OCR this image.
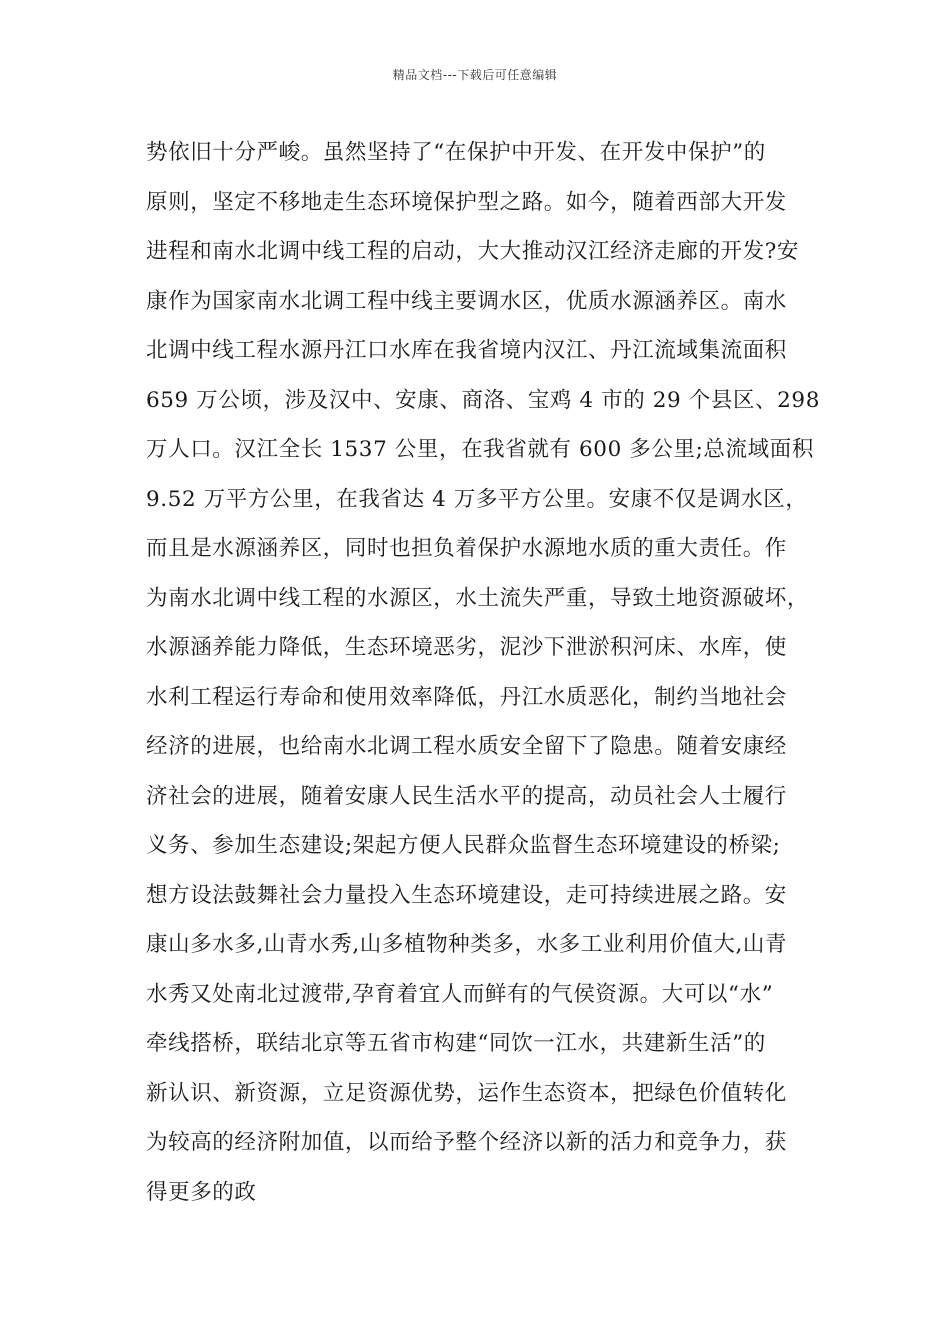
精品文档---下载后可任意编辑
势依旧十分严峻。虽然坚持了“在保护中开发、在开发中保护”的
原则，坚定不移地走生态环境保护型之路。如今，随着西部大开发
进程和南水北调中线工程的启动，大大推动汉江经济走廊的开发?安
康作为国家南水北调工程中线主要调水区，优质水源涵养区。南水
北调中线工程水源丹江口水库在我省境内汉江、丹江流域集流面积
659 万公顷，涉及汉中、安康、商洛、宝鸡 4 市的 29 个县区、298
万人口。汉江全长 1537 公里，在我省就有 600 多公里;总流域面积
9.52 万平方公里，在我省达 4 万多平方公里。安康不仅是调水区，
而且是水源涵养区，同时也担负着保护水源地水质的重大责任。作
为南水北调中线工程的水源区，水土流失严重，导致土地资源破坏，
水源涵养能力降低，生态环境恶劣，泥沙下泄淤积河床、水库，使
水利工程运行寿命和使用效率降低，丹江水质恶化，制约当地社会
经济的进展，也给南水北调工程水质安全留下了隐患。随着安康经
济社会的进展，随着安康人民生活水平的提高，动员社会人士履行
义务、参加生态建设;架起方便人民群众监督生态环境建设的桥梁;
想方设法鼓舞社会力量投入生态环境建设，走可持续进展之路。安
康山多水多,山青水秀,山多植物种类多，水多工业利用价值大,山青
水秀又处南北过渡带,孕育着宜人而鲜有的气侯资源。大可以“水”
牵线搭桥，联结北京等五省市构建“同饮一江水，共建新生活”的
新认识、新资源，立足资源优势，运作生态资本，把绿色价值转化
为较高的经济附加值，以而给予整个经济以新的活力和竞争力，获
得更多的政
